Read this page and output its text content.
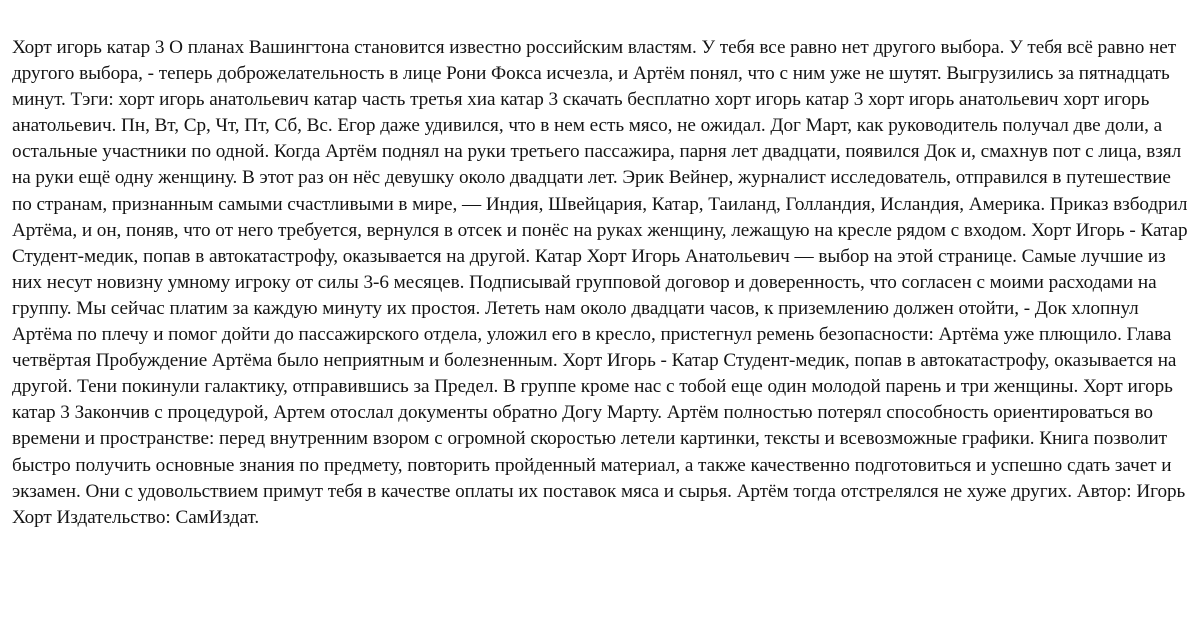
Хорт игорь катар 3 О планах Вашингтона становится известно российским властям. У тебя все равно нет другого выбора. У тебя всё равно нет другого выбора, - теперь доброжелательность в лице Рони Фокса исчезла, и Артём понял, что с ним уже не шутят. Выгрузились за пятнадцать минут. Тэги: хорт игорь анатольевич катар часть третья хиа катар 3 скачать бесплатно хорт игорь катар 3 хорт игорь анатольевич хорт игорь анатольевич. Пн, Вт, Ср, Чт, Пт, Сб, Вс. Егор даже удивился, что в нем есть мясо, не ожидал. Дог Март, как руководитель получал две доли, а остальные участники по одной. Когда Артём поднял на руки третьего пассажира, парня лет двадцати, появился Док и, смахнув пот с лица, взял на руки ещё одну женщину. В этот раз он нёс девушку около двадцати лет. Эрик Вейнер, журналист исследователь, отправился в путешествие по странам, признанным самыми счастливыми в мире, — Индия, Швейцария, Катар, Таиланд, Голландия, Исландия, Америка. Приказ взбодрил Артёма, и он, поняв, что от него требуется, вернулся в отсек и понёс на руках женщину, лежащую на кресле рядом с входом. Хорт Игорь - Катар Студент-медик, попав в автокатастрофу, оказывается на другой. Катар Хорт Игорь Анатольевич — выбор на этой странице. Самые лучшие из них несут новизну умному игроку от силы 3-6 месяцев. Подписывай групповой договор и доверенность, что согласен с моими расходами на группу. Мы сейчас платим за каждую минуту их простоя. Лететь нам около двадцати часов, к приземлению должен отойти, - Док хлопнул Артёма по плечу и помог дойти до пассажирского отдела, уложил его в кресло, пристегнул ремень безопасности: Артёма уже плющило. Глава четвёртая Пробуждение Артёма было неприятным и болезненным. Хорт Игорь - Катар Студент-медик, попав в автокатастрофу, оказывается на другой. Тени покинули галактику, отправившись за Предел. В группе кроме нас с тобой еще один молодой парень и три женщины. Хорт игорь катар 3 Закончив с процедурой, Артем отослал документы обратно Догу Марту. Артём полностью потерял способность ориентироваться во времени и пространстве: перед внутренним взором с огромной скоростью летели картинки, тексты и всевозможные графики. Книга позволит быстро получить основные знания по предмету, повторить пройденный материал, а также качественно подготовиться и успешно сдать зачет и экзамен. Они с удовольствием примут тебя в качестве оплаты их поставок мяса и сырья. Артём тогда отстрелялся не хуже других. Автор: Игорь Хорт Издательство: СамИздат.
